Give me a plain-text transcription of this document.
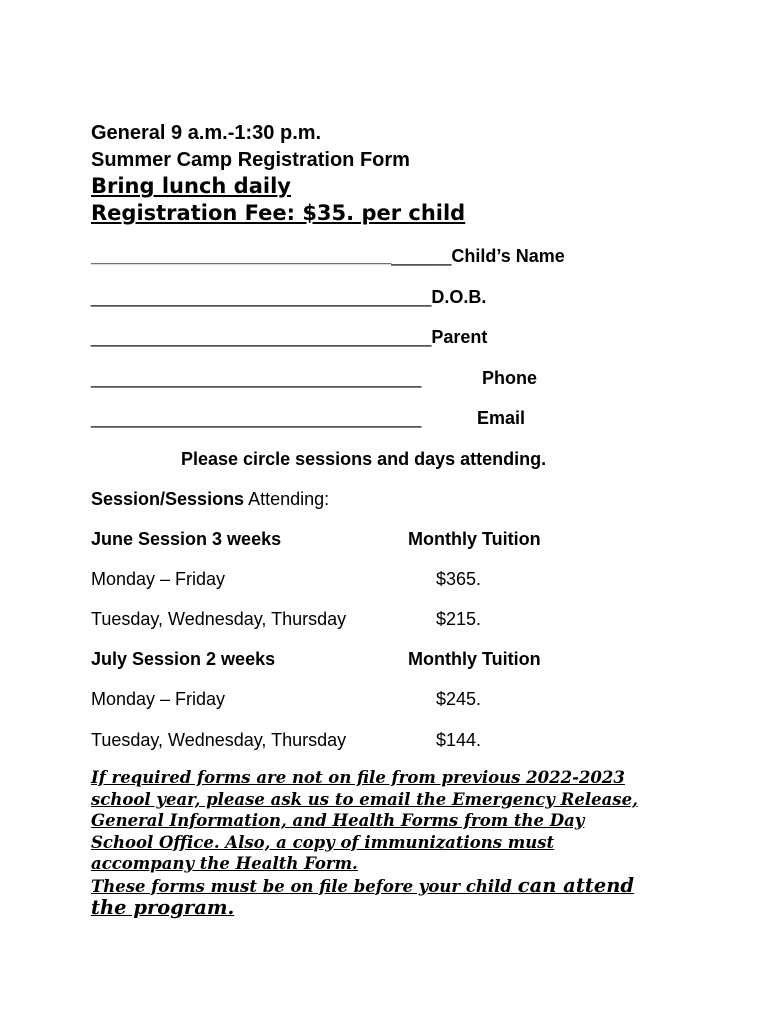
General 9 a.m.-1:30 p.m.
Summer Camp Registration Form
Bring lunch daily
Registration Fee: $35. per child
____________________________________Child’s Name
__________________________________D.O.B.
__________________________________Parent
_________________________________	Phone
_________________________________	Email
Please circle sessions and days attending.
Session/Sessions Attending:
June Session 3 weeks	Monthly Tuition
Monday – Friday	$365.
Tuesday, Wednesday, Thursday	$215.
July Session 2 weeks	Monthly Tuition
Monday – Friday	$245.
Tuesday, Wednesday, Thursday	$144.

If required forms are not on file from previous 2022-2023

school year, please ask us to email the Emergency Release,

General Information, and Health Forms from the Day

School Office. Also, a copy of immunizations must

accompany the Health Form.

These forms must be on file before your child can attend

the program.
